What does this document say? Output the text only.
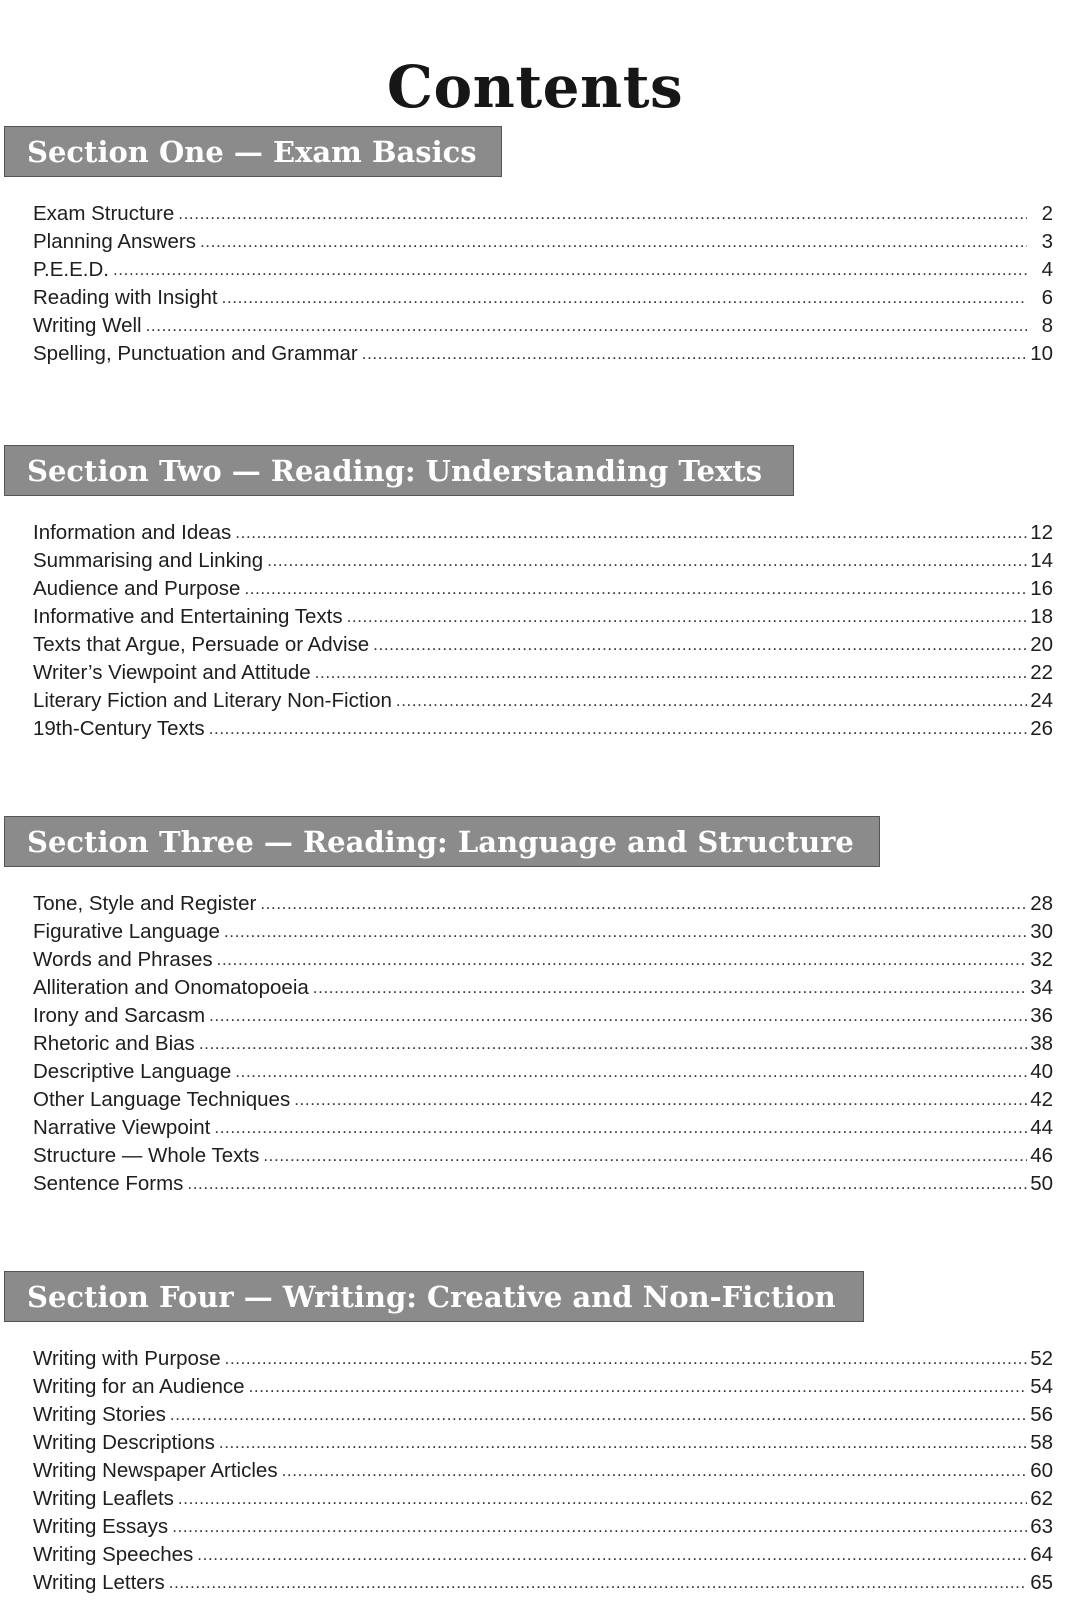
Contents
Section One — Exam Basics
Exam Structure .....	2
Planning Answers .....	3
P.E.E.D. .....	4
Reading with Insight .....	6
Writing Well .....	8
Spelling, Punctuation and Grammar .....	10
Section Two — Reading: Understanding Texts
Information and Ideas .....	12
Summarising and Linking .....	14
Audience and Purpose .....	16
Informative and Entertaining Texts .....	18
Texts that Argue, Persuade or Advise .....	20
Writer’s Viewpoint and Attitude .....	22
Literary Fiction and Literary Non-Fiction .....	24
19th-Century Texts .....	26
Section Three — Reading: Language and Structure
Tone, Style and Register .....	28
Figurative Language .....	30
Words and Phrases .....	32
Alliteration and Onomatopoeia .....	34
Irony and Sarcasm .....	36
Rhetoric and Bias .....	38
Descriptive Language .....	40
Other Language Techniques .....	42
Narrative Viewpoint .....	44
Structure — Whole Texts .....	46
Sentence Forms .....	50
Section Four — Writing: Creative and Non-Fiction
Writing with Purpose .....	52
Writing for an Audience .....	54
Writing Stories .....	56
Writing Descriptions .....	58
Writing Newspaper Articles .....	60
Writing Leaflets .....	62
Writing Essays .....	63
Writing Speeches .....	64
Writing Letters .....	65
